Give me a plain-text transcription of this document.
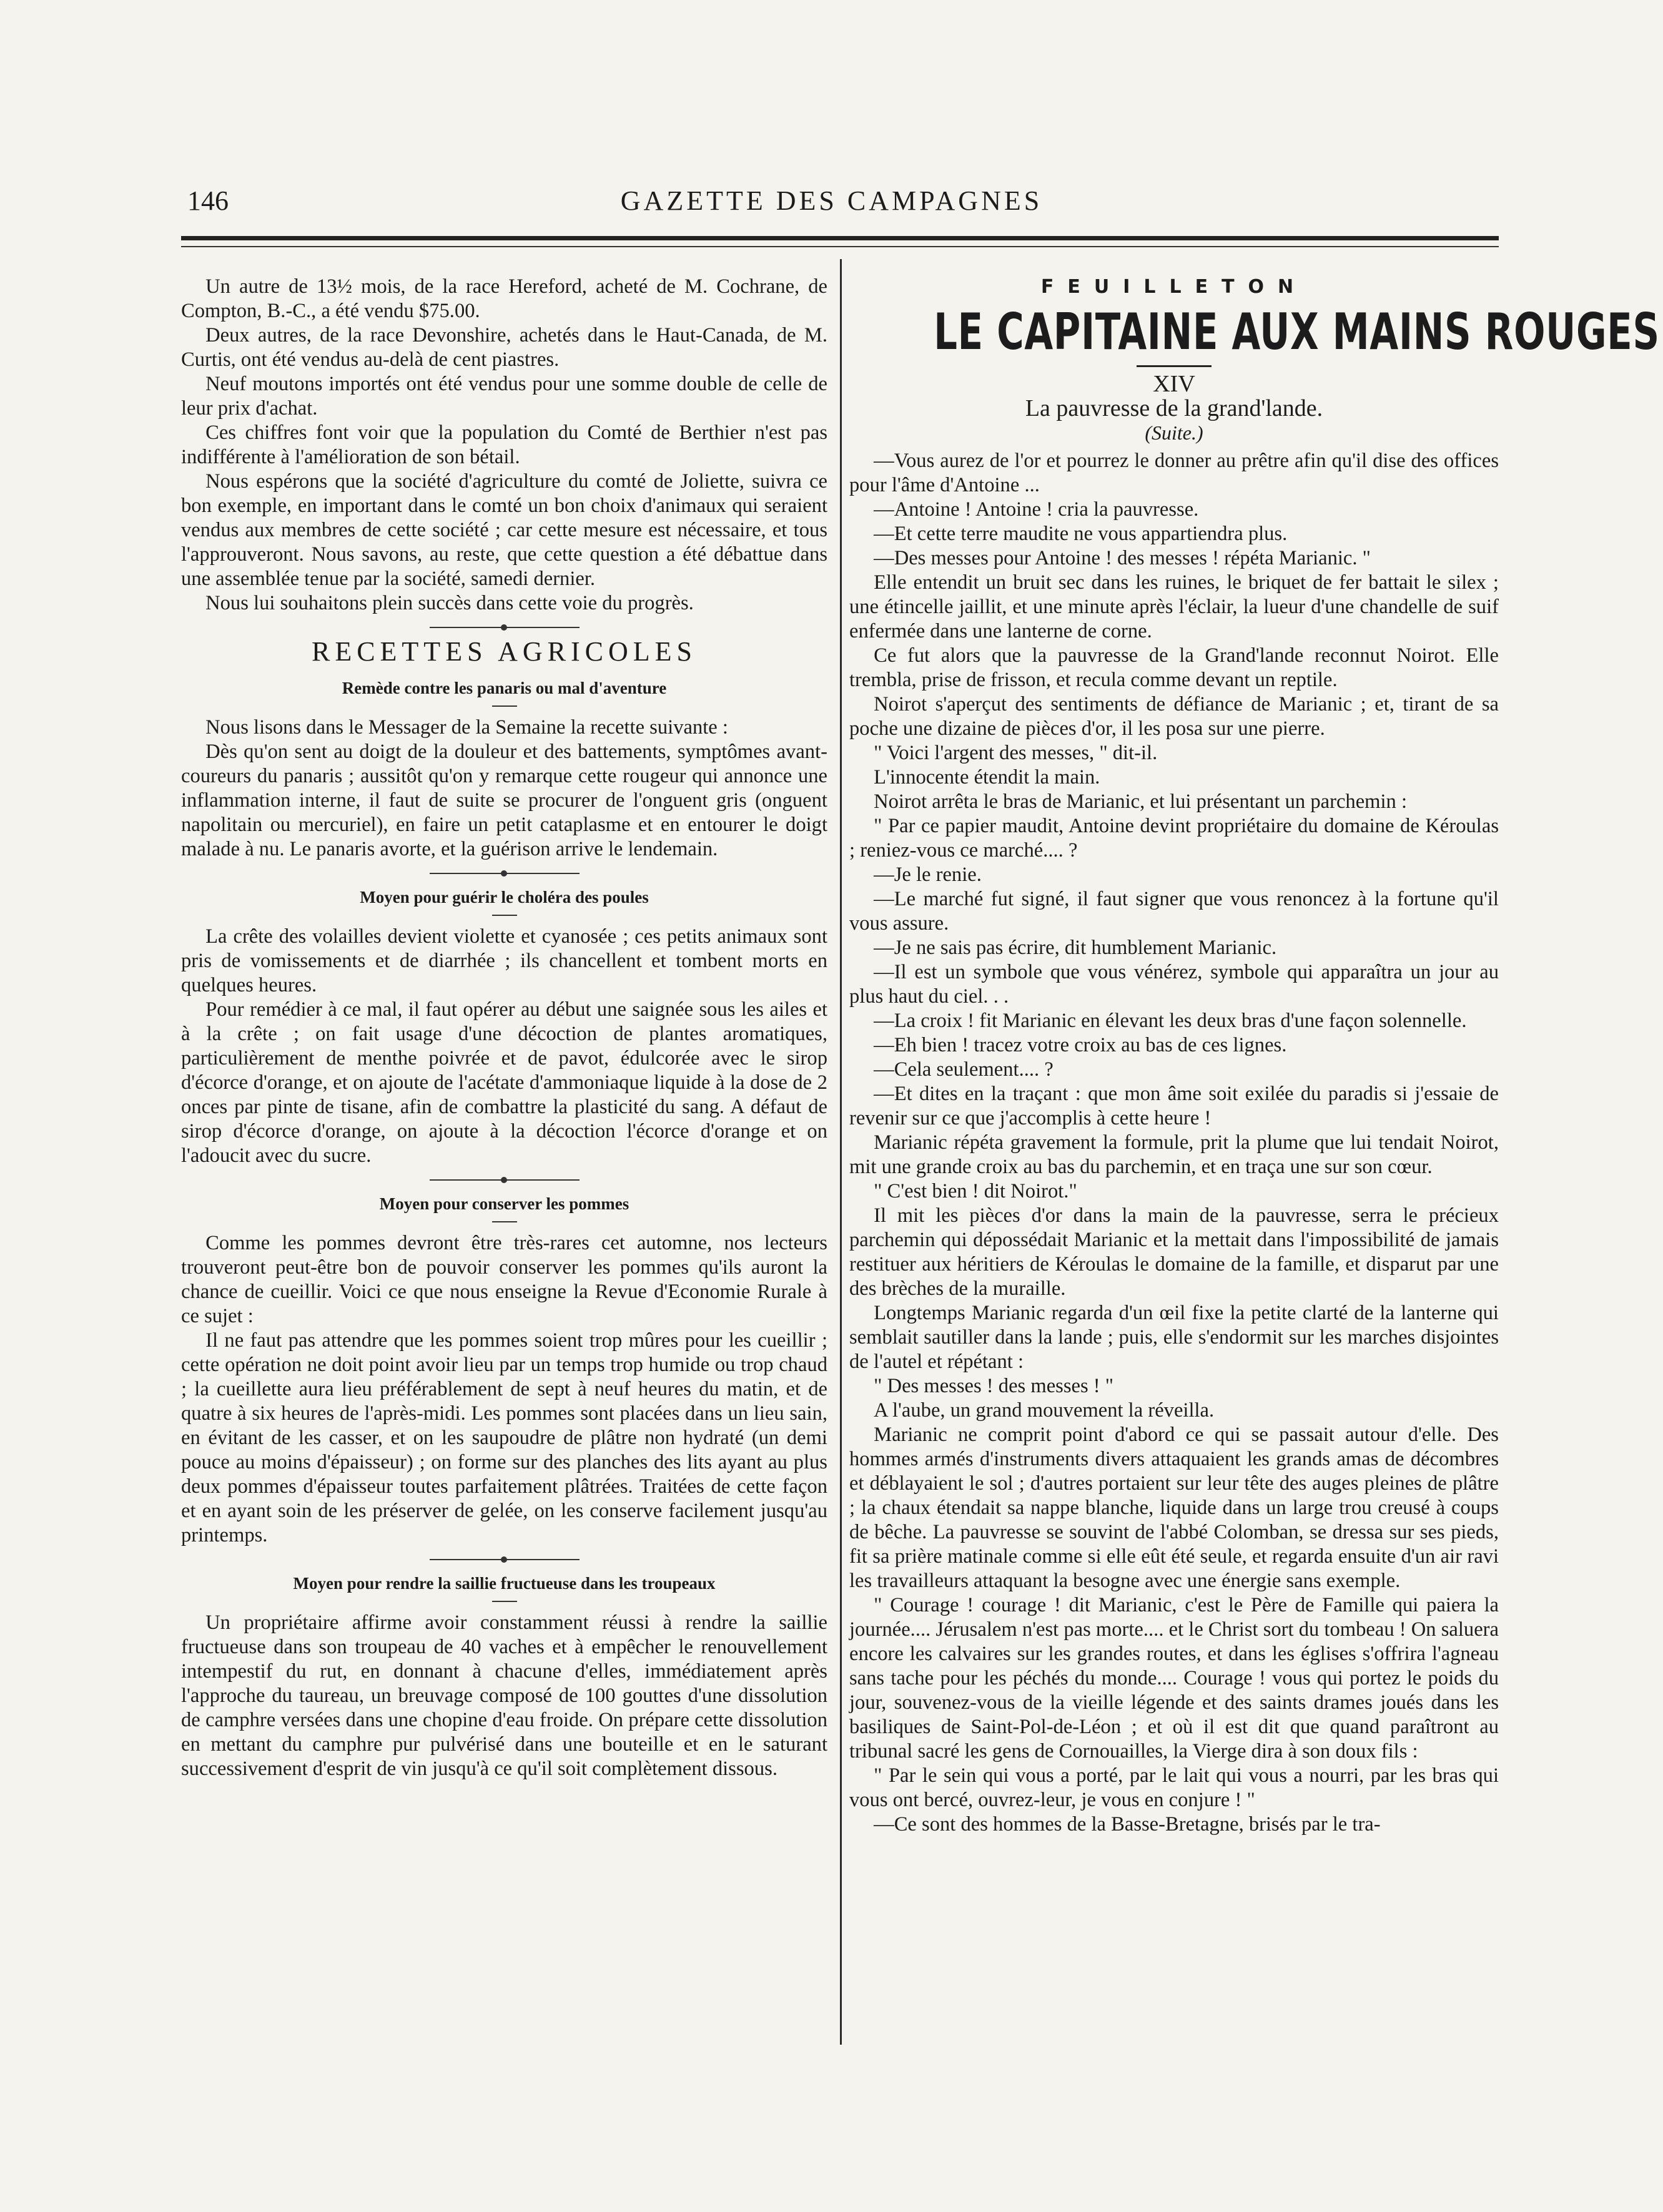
146	GAZETTE DES CAMPAGNES

Un autre de 13½ mois, de la race Hereford, acheté de M. Cochrane, de Compton, B.-C., a été vendu $75.00.

Deux autres, de la race Devonshire, achetés dans le Haut-Canada, de M. Curtis, ont été vendus au-delà de cent piastres.

Neuf moutons importés ont été vendus pour une somme double de celle de leur prix d'achat.

Ces chiffres font voir que la population du Comté de Berthier n'est pas indifférente à l'amélioration de son bétail.

Nous espérons que la société d'agriculture du comté de Joliette, suivra ce bon exemple, en important dans le comté un bon choix d'animaux qui seraient vendus aux membres de cette société ; car cette mesure est nécessaire, et tous l'approuveront. Nous savons, au reste, que cette question a été débattue dans une assemblée tenue par la société, samedi dernier.

Nous lui souhaitons plein succès dans cette voie du progrès.

RECETTES AGRICOLES
Remède contre les panaris ou mal d'aventure

Nous lisons dans le Messager de la Semaine la recette suivante :

Dès qu'on sent au doigt de la douleur et des battements, symptômes avant-coureurs du panaris ; aussitôt qu'on y remarque cette rougeur qui annonce une inflammation interne, il faut de suite se procurer de l'onguent gris (onguent napolitain ou mercuriel), en faire un petit cataplasme et en entourer le doigt malade à nu. Le panaris avorte, et la guérison arrive le lendemain.

Moyen pour guérir le choléra des poules

La crête des volailles devient violette et cyanosée ; ces petits animaux sont pris de vomissements et de diarrhée ; ils chancellent et tombent morts en quelques heures.

Pour remédier à ce mal, il faut opérer au début une saignée sous les ailes et à la crête ; on fait usage d'une décoction de plantes aromatiques, particulièrement de menthe poivrée et de pavot, édulcorée avec le sirop d'écorce d'orange, et on ajoute de l'acétate d'ammoniaque liquide à la dose de 2 onces par pinte de tisane, afin de combattre la plasticité du sang. A défaut de sirop d'écorce d'orange, on ajoute à la décoction l'écorce d'orange et on l'adoucit avec du sucre.

Moyen pour conserver les pommes

Comme les pommes devront être très-rares cet automne, nos lecteurs trouveront peut-être bon de pouvoir conserver les pommes qu'ils auront la chance de cueillir. Voici ce que nous enseigne la Revue d'Economie Rurale à ce sujet :

Il ne faut pas attendre que les pommes soient trop mûres pour les cueillir ; cette opération ne doit point avoir lieu par un temps trop humide ou trop chaud ; la cueillette aura lieu préférablement de sept à neuf heures du matin, et de quatre à six heures de l'après-midi. Les pommes sont placées dans un lieu sain, en évitant de les casser, et on les saupoudre de plâtre non hydraté (un demi pouce au moins d'épaisseur) ; on forme sur des planches des lits ayant au plus deux pommes d'épaisseur toutes parfaitement plâtrées. Traitées de cette façon et en ayant soin de les préserver de gelée, on les conserve facilement jusqu'au printemps.

Moyen pour rendre la saillie fructueuse dans les troupeaux

Un propriétaire affirme avoir constamment réussi à rendre la saillie fructueuse dans son troupeau de 40 vaches et à empêcher le renouvellement intempestif du rut, en donnant à chacune d'elles, immédiatement après l'approche du taureau, un breuvage composé de 100 gouttes d'une dissolution de camphre versées dans une chopine d'eau froide. On prépare cette dissolution en mettant du camphre pur pulvérisé dans une bouteille et en le saturant successivement d'esprit de vin jusqu'à ce qu'il soit complètement dissous.

FEUILLETON
LE CAPITAINE AUX MAINS ROUGES
XIV
La pauvresse de la grand'lande.
(Suite.)

—Vous aurez de l'or et pourrez le donner au prêtre afin qu'il dise des offices pour l'âme d'Antoine ...

—Antoine ! Antoine ! cria la pauvresse.

—Et cette terre maudite ne vous appartiendra plus.

—Des messes pour Antoine ! des messes ! répéta Marianic. "

Elle entendit un bruit sec dans les ruines, le briquet de fer battait le silex ; une étincelle jaillit, et une minute après l'éclair, la lueur d'une chandelle de suif enfermée dans une lanterne de corne.

Ce fut alors que la pauvresse de la Grand'lande reconnut Noirot. Elle trembla, prise de frisson, et recula comme devant un reptile.

Noirot s'aperçut des sentiments de défiance de Marianic ; et, tirant de sa poche une dizaine de pièces d'or, il les posa sur une pierre.

" Voici l'argent des messes, " dit-il.

L'innocente étendit la main.

Noirot arrêta le bras de Marianic, et lui présentant un parchemin :

" Par ce papier maudit, Antoine devint propriétaire du domaine de Kéroulas ; reniez-vous ce marché.... ?

—Je le renie.

—Le marché fut signé, il faut signer que vous renoncez à la fortune qu'il vous assure.

—Je ne sais pas écrire, dit humblement Marianic.

—Il est un symbole que vous vénérez, symbole qui apparaîtra un jour au plus haut du ciel. . .

—La croix ! fit Marianic en élevant les deux bras d'une façon solennelle.

—Eh bien ! tracez votre croix au bas de ces lignes.

—Cela seulement.... ?

—Et dites en la traçant : que mon âme soit exilée du paradis si j'essaie de revenir sur ce que j'accomplis à cette heure !

Marianic répéta gravement la formule, prit la plume que lui tendait Noirot, mit une grande croix au bas du parchemin, et en traça une sur son cœur.

" C'est bien ! dit Noirot."

Il mit les pièces d'or dans la main de la pauvresse, serra le précieux parchemin qui dépossédait Marianic et la mettait dans l'impossibilité de jamais restituer aux héritiers de Kéroulas le domaine de la famille, et disparut par une des brèches de la muraille.

Longtemps Marianic regarda d'un œil fixe la petite clarté de la lanterne qui semblait sautiller dans la lande ; puis, elle s'endormit sur les marches disjointes de l'autel et répétant :

" Des messes ! des messes ! "

A l'aube, un grand mouvement la réveilla.

Marianic ne comprit point d'abord ce qui se passait autour d'elle. Des hommes armés d'instruments divers attaquaient les grands amas de décombres et déblayaient le sol ; d'autres portaient sur leur tête des auges pleines de plâtre ; la chaux étendait sa nappe blanche, liquide dans un large trou creusé à coups de bêche. La pauvresse se souvint de l'abbé Colomban, se dressa sur ses pieds, fit sa prière matinale comme si elle eût été seule, et regarda ensuite d'un air ravi les travailleurs attaquant la besogne avec une énergie sans exemple.

" Courage ! courage ! dit Marianic, c'est le Père de Famille qui paiera la journée.... Jérusalem n'est pas morte.... et le Christ sort du tombeau ! On saluera encore les calvaires sur les grandes routes, et dans les églises s'offrira l'agneau sans tache pour les péchés du monde.... Courage ! vous qui portez le poids du jour, souvenez-vous de la vieille légende et des saints drames joués dans les basiliques de Saint-Pol-de-Léon ; et où il est dit que quand paraîtront au tribunal sacré les gens de Cornouailles, la Vierge dira à son doux fils :

" Par le sein qui vous a porté, par le lait qui vous a nourri, par les bras qui vous ont bercé, ouvrez-leur, je vous en conjure ! "

—Ce sont des hommes de la Basse-Bretagne, brisés par le tra-
